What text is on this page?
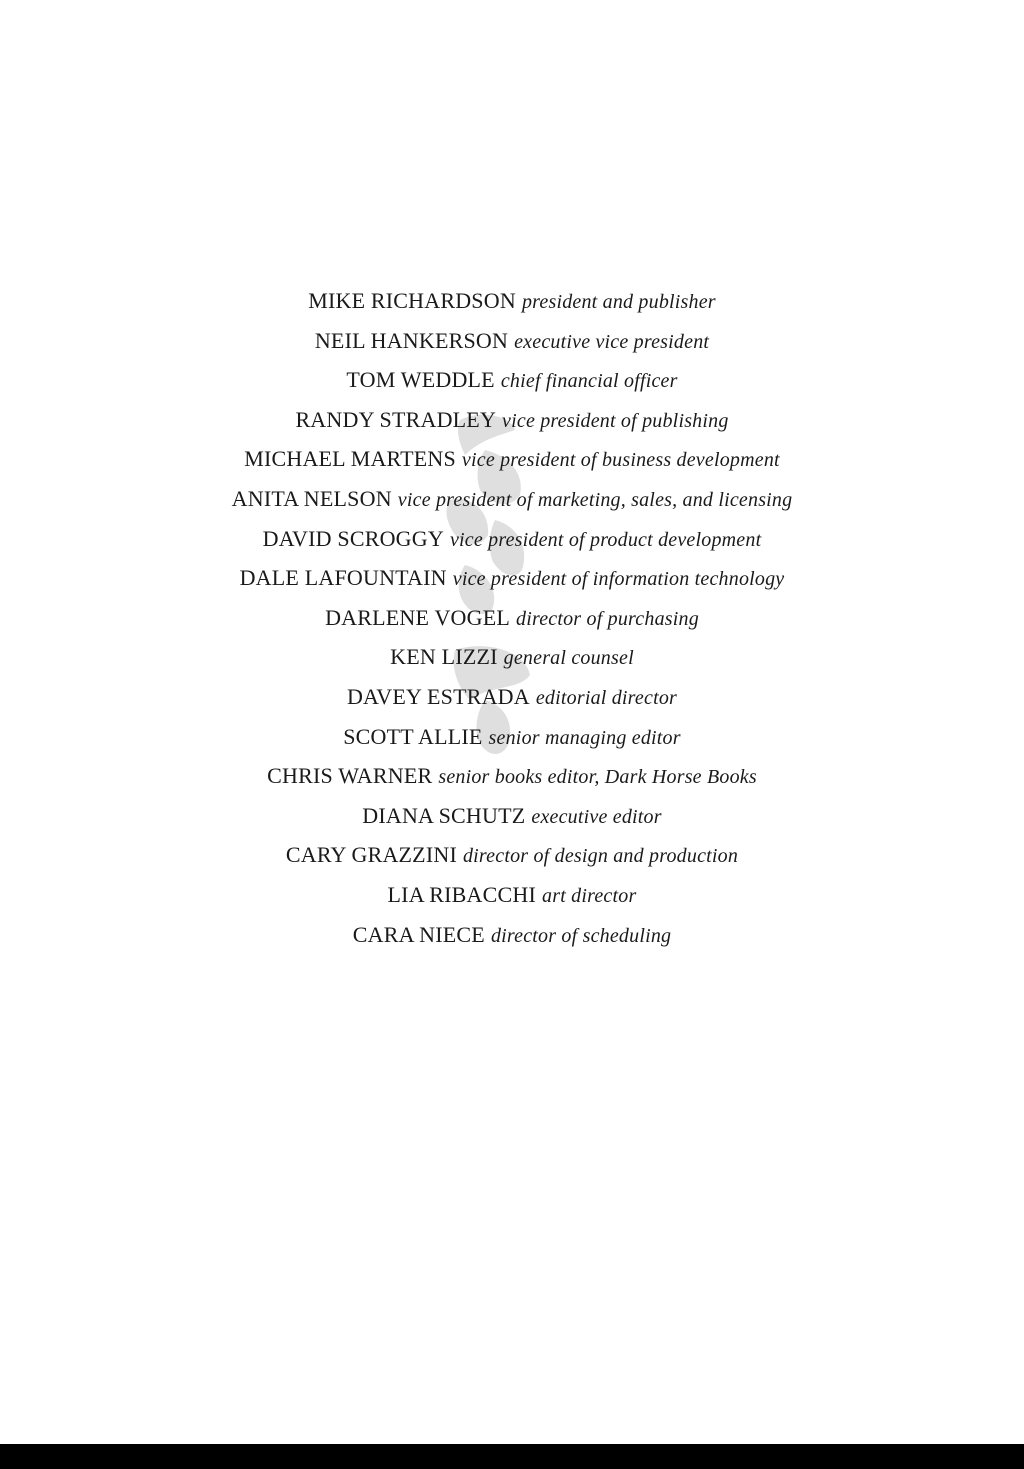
MIKE RICHARDSON president and publisher
NEIL HANKERSON executive vice president
TOM WEDDLE chief financial officer
RANDY STRADLEY vice president of publishing
MICHAEL MARTENS vice president of business development
ANITA NELSON vice president of marketing, sales, and licensing
DAVID SCROGGY vice president of product development
DALE LAFOUNTAIN vice president of information technology
DARLENE VOGEL director of purchasing
KEN LIZZI general counsel
DAVEY ESTRADA editorial director
SCOTT ALLIE senior managing editor
CHRIS WARNER senior books editor, Dark Horse Books
DIANA SCHUTZ executive editor
CARY GRAZZINI director of design and production
LIA RIBACCHI art director
CARA NIECE director of scheduling
